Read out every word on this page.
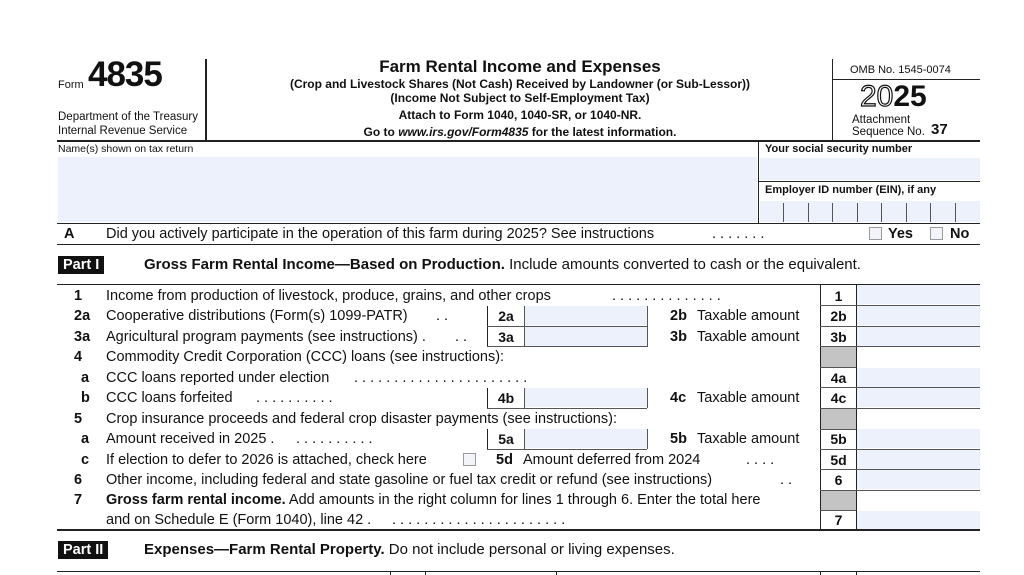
Form 4835
Department of the Treasury
Internal Revenue Service
Farm Rental Income and Expenses
(Crop and Livestock Shares (Not Cash) Received by Landowner (or Sub-Lessor))
(Income Not Subject to Self-Employment Tax)
Attach to Form 1040, 1040-SR, or 1040-NR.
Go to www.irs.gov/Form4835 for the latest information.
OMB No. 1545-0074
2025
Attachment
Sequence No. 37
Name(s) shown on tax return	Your social security number
Employer ID number (EIN), if any
A Did you actively participate in the operation of this farm during 2025? See instructions	. . . . . . .	Yes	No
Part I	Gross Farm Rental Income—Based on Production. Include amounts converted to cash or the equivalent.
1 Income from production of livestock, produce, grains, and other crops	. . . . . . . . . . . . . .	1
2a Cooperative distributions (Form(s) 1099-PATR) . .	2a	2b Taxable amount	2b
3a Agricultural program payments (see instructions) . . .	3a	3b Taxable amount	3b
4 Commodity Credit Corporation (CCC) loans (see instructions):
a CCC loans reported under election . . . . . . . . . . . . . . . . . . . . . .	4a
b CCC loans forfeited . . . . . . . . . .	4b	4c Taxable amount	4c
5 Crop insurance proceeds and federal crop disaster payments (see instructions):
a Amount received in 2025 . . . . . . . . . . .	5a	5b Taxable amount	5b
c If election to defer to 2026 is attached, check here	5d Amount deferred from 2024	. . . .	5d
6 Other income, including federal and state gasoline or fuel tax credit or refund (see instructions)	. .	6
7 Gross farm rental income. Add amounts in the right column for lines 1 through 6. Enter the total here
and on Schedule E (Form 1040), line 42 . . . . . . . . . . . . . . . . . . . . . . .	7
Part II	Expenses—Farm Rental Property. Do not include personal or living expenses.
